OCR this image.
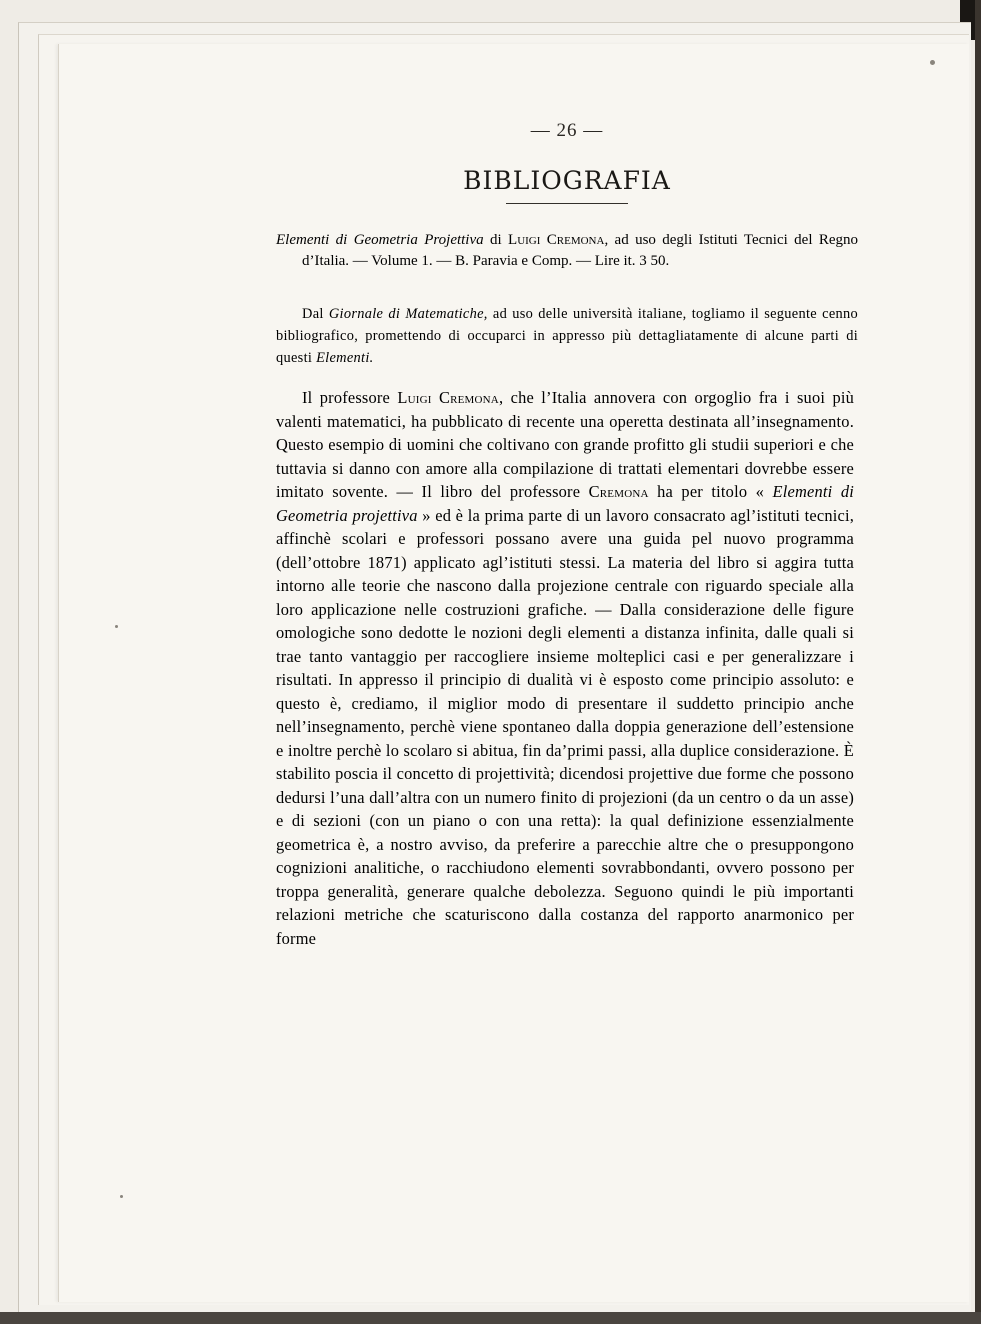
— 26 —
BIBLIOGRAFIA
Elementi di Geometria Projettiva di Luigi Cremona, ad uso degli Istituti Tecnici del Regno d’Italia. — Volume 1. — B. Paravia e Comp. — Lire it. 3 50.
Dal Giornale di Matematiche, ad uso delle università italiane, togliamo il seguente cenno bibliografico, promettendo di occuparci in appresso più dettagliatamente di alcune parti di questi Elementi.
Il professore Luigi Cremona, che l’Italia annovera con orgoglio fra i suoi più valenti matematici, ha pubblicato di recente una operetta destinata all’insegnamento. Questo esempio di uomini che coltivano con grande profitto gli studii superiori e che tuttavia si danno con amore alla compilazione di trattati elementari dovrebbe essere imitato sovente. — Il libro del professore Cremona ha per titolo « Elementi di Geometria projettiva » ed è la prima parte di un lavoro consacrato agl’istituti tecnici, affinchè scolari e professori possano avere una guida pel nuovo programma (dell’ottobre 1871) applicato agl’istituti stessi. La materia del libro si aggira tutta intorno alle teorie che nascono dalla projezione centrale con riguardo speciale alla loro applicazione nelle costruzioni grafiche. — Dalla considerazione delle figure omologiche sono dedotte le nozioni degli elementi a distanza infinita, dalle quali si trae tanto vantaggio per raccogliere insieme molteplici casi e per generalizzare i risultati. In appresso il principio di dualità vi è esposto come principio assoluto: e questo è, crediamo, il miglior modo di presentare il suddetto principio anche nell’insegnamento, perchè viene spontaneo dalla doppia generazione dell’estensione e inoltre perchè lo scolaro si abitua, fin da’primi passi, alla duplice considerazione. È stabilito poscia il concetto di projettività; dicendosi projettive due forme che possono dedursi l’una dall’altra con un numero finito di projezioni (da un centro o da un asse) e di sezioni (con un piano o con una retta): la qual definizione essenzialmente geometrica è, a nostro avviso, da preferire a parecchie altre che o presuppongono cognizioni analitiche, o racchiudono elementi sovrabbondanti, ovvero possono per troppa generalità, generare qualche debolezza. Seguono quindi le più importanti relazioni metriche che scaturiscono dalla costanza del rapporto anarmonico per forme
